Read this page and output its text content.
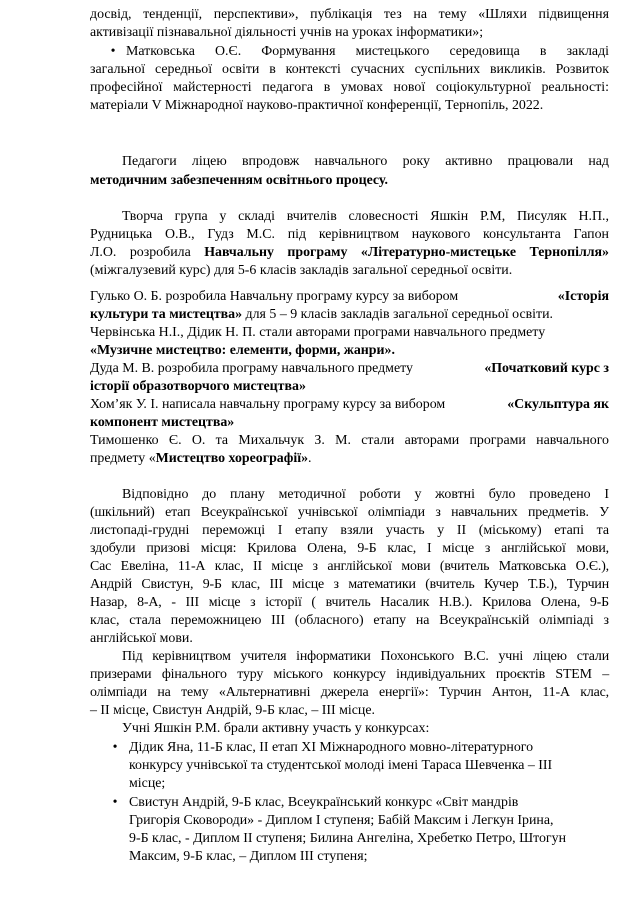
досвід, тенденції, перспективи», публікація тез на тему «Шляхи підвищення
активізації пізнавальної діяльності учнів на уроках інформатики»;
• Матковська О.Є. Формування мистецького середовища в закладі
загальної середньої освіти в контексті сучасних суспільних викликів. Розвиток
професійної майстерності педагога в умовах нової соціокультурної реальності:
матеріали V Міжнародної науково-практичної конференції, Тернопіль, 2022.
Педагоги ліцею впродовж навчального року активно працювали над
методичним забезпеченням освітнього процесу.
Творча група у складі вчителів словесності Яшкін Р.М, Писуляк Н.П.,
Рудницька О.В., Гудз М.С. під керівництвом наукового консультанта Гапон
Л.О. розробила Навчальну програму «Літературно-мистецьке Тернопілля»
(міжгалузевий курс) для 5-6 класів закладів загальної середньої освіти.
Гулько О. Б. розробила Навчальну програму курсу за вибором	«Історія
культури та мистецтва» для 5 – 9 класів закладів загальної середньої освіти.
Червінська Н.І., Дідик Н. П. стали авторами програми навчального предмету
«Музичне мистецтво: елементи, форми, жанри».
Дуда М. В. розробила програму навчального предмету	«Початковий курс з
історії образотворчого мистецтва»
Хом’як У. І. написала навчальну програму курсу за вибором	«Скульптура як
компонент мистецтва»
Тимошенко Є. О. та Михальчук З. М. стали авторами програми навчального
предмету «Мистецтво хореографії».
Відповідно до плану методичної роботи у жовтні було проведено І
(шкільний) етап Всеукраїнської учнівської олімпіади з навчальних предметів. У
листопаді-грудні переможці І етапу взяли участь у ІІ (міському) етапі та
здобули призові місця: Крилова Олена, 9-Б клас, І місце з англійської мови,
Сас Евеліна, 11-А клас, ІІ місце з англійської мови (вчитель Матковська О.Є.),
Андрій Свистун, 9-Б клас, ІІІ місце з математики (вчитель Кучер Т.Б.), Турчин
Назар, 8-А, - ІІІ місце з історії ( вчитель Насалик Н.В.). Крилова Олена, 9-Б
клас, стала переможницею ІІІ (обласного) етапу на Всеукраїнській олімпіаді з
англійської мови.
Під керівництвом учителя інформатики Похонського В.С. учні ліцею стали
призерами фінального туру міського конкурсу індивідуальних проєктів STEM –
олімпіади на тему «Альтернативні джерела енергії»: Турчин Антон, 11-А клас,
– ІІ місце, Свистун Андрій, 9-Б клас, – ІІІ місце.
Учні Яшкін Р.М. брали активну участь у конкурсах:
• Дідик Яна, 11-Б клас, ІІ етап ХІ Міжнародного мовно-літературного
конкурсу учнівської та студентської молоді імені Тараса Шевченка – ІІІ
місце;
• Свистун Андрій, 9-Б клас, Всеукраїнський конкурс «Світ мандрів
Григорія Сковороди» - Диплом І ступеня; Бабій Максим і Легкун Ірина,
9-Б клас, - Диплом ІІ ступеня; Билина Ангеліна, Хребетко Петро, Штогун
Максим, 9-Б клас, – Диплом ІІІ ступеня;
